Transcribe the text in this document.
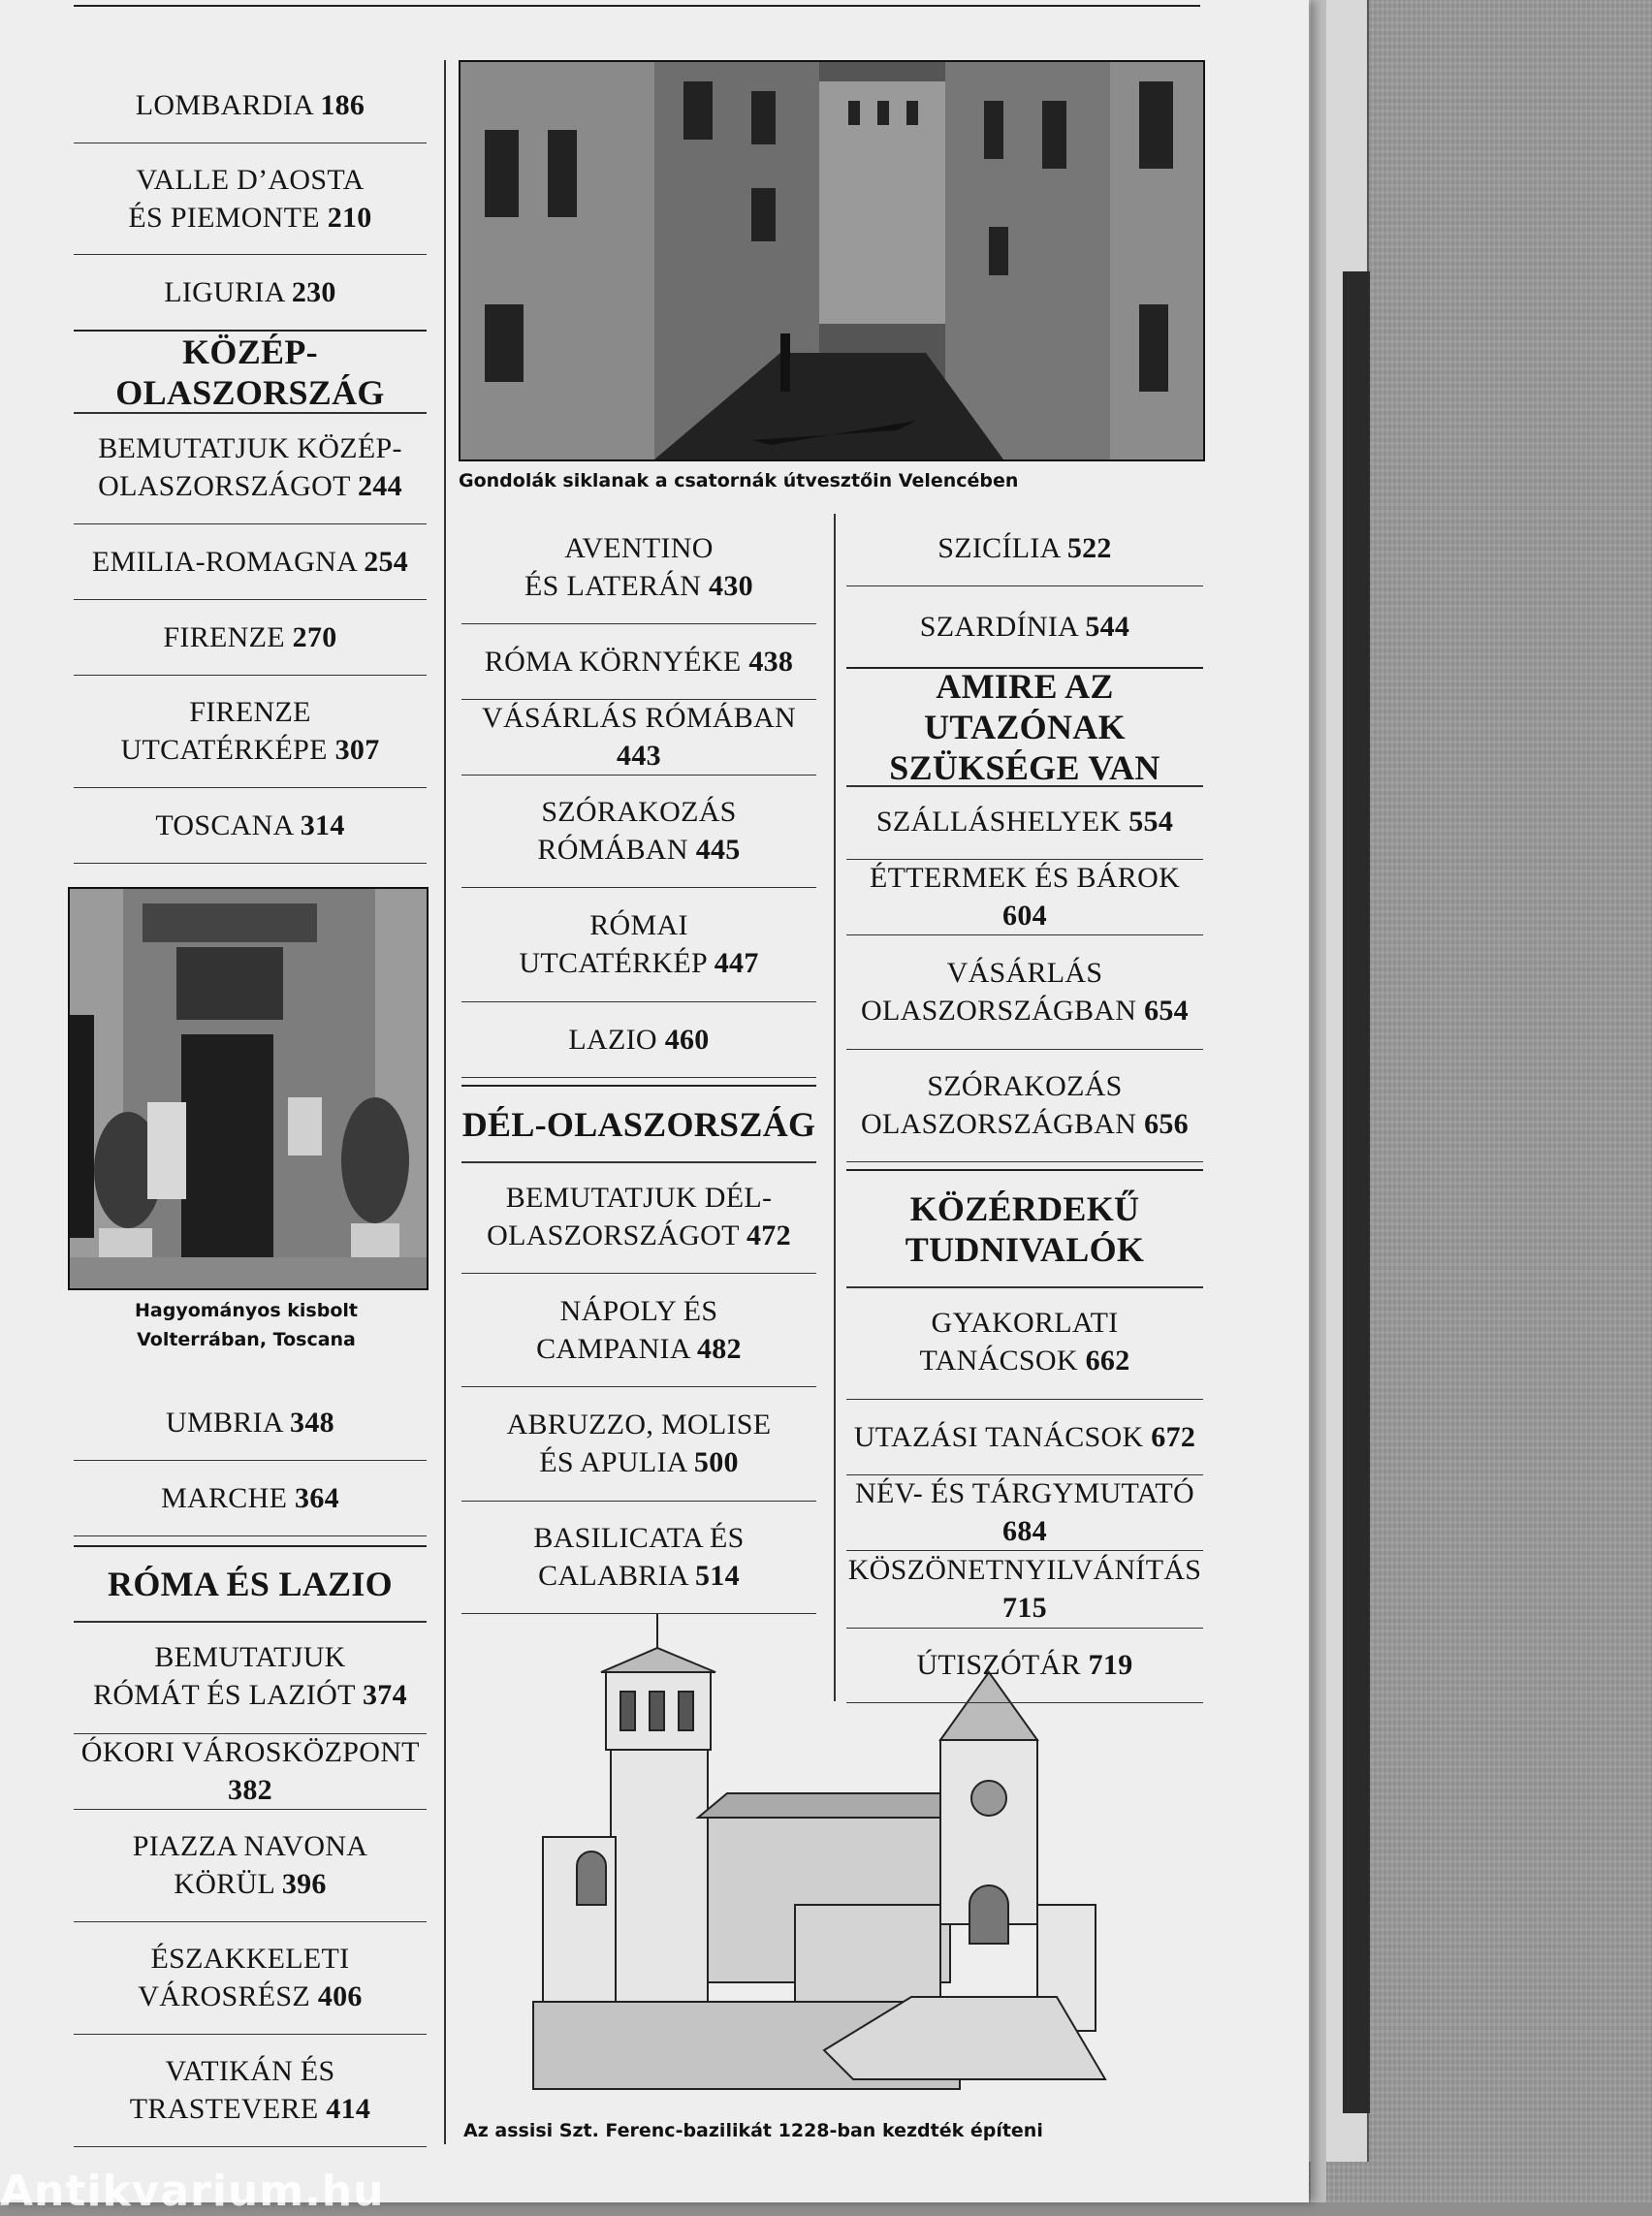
Gondolák siklanak a csatornák útvesztőin Velencében
Hagyományos kisbolt
Volterrában, Toscana
Az assisi Szt. Ferenc-bazilikát 1228-ban kezdték építeni
LOMBARDIA 186
VALLE D’AOSTA
ÉS PIEMONTE 210
LIGURIA 230
KÖZÉP-OLASZORSZÁG
BEMUTATJUK KÖZÉP-
OLASZORSZÁGOT 244
EMILIA-ROMAGNA 254
FIRENZE 270
FIRENZE
UTCATÉRKÉPE 307
TOSCANA 314
UMBRIA 348
MARCHE 364
RÓMA ÉS LAZIO
BEMUTATJUK
RÓMÁT ÉS LAZIÓT 374
ÓKORI VÁROSKÖZPONT 382
PIAZZA NAVONA
KÖRÜL 396
ÉSZAKKELETI
VÁROSRÉSZ 406
VATIKÁN ÉS
TRASTEVERE 414
AVENTINO
ÉS LATERÁN 430
RÓMA KÖRNYÉKE 438
VÁSÁRLÁS RÓMÁBAN 443
SZÓRAKOZÁS
RÓMÁBAN 445
RÓMAI
UTCATÉRKÉP 447
LAZIO 460
DÉL-OLASZORSZÁG
BEMUTATJUK DÉL-
OLASZORSZÁGOT 472
NÁPOLY ÉS
CAMPANIA 482
ABRUZZO, MOLISE
ÉS APULIA 500
BASILICATA ÉS
CALABRIA 514
SZICÍLIA 522
SZARDÍNIA 544
AMIRE AZ UTAZÓNAK
SZÜKSÉGE VAN
SZÁLLÁSHELYEK 554
ÉTTERMEK ÉS BÁROK 604
VÁSÁRLÁS
OLASZORSZÁGBAN 654
SZÓRAKOZÁS
OLASZORSZÁGBAN 656
KÖZÉRDEKŰ
TUDNIVALÓK
GYAKORLATI
TANÁCSOK 662
UTAZÁSI TANÁCSOK 672
NÉV- ÉS TÁRGYMUTATÓ 684
KÖSZÖNETNYILVÁNÍTÁS 715
ÚTISZÓTÁR 719
Antikvarium.hu
